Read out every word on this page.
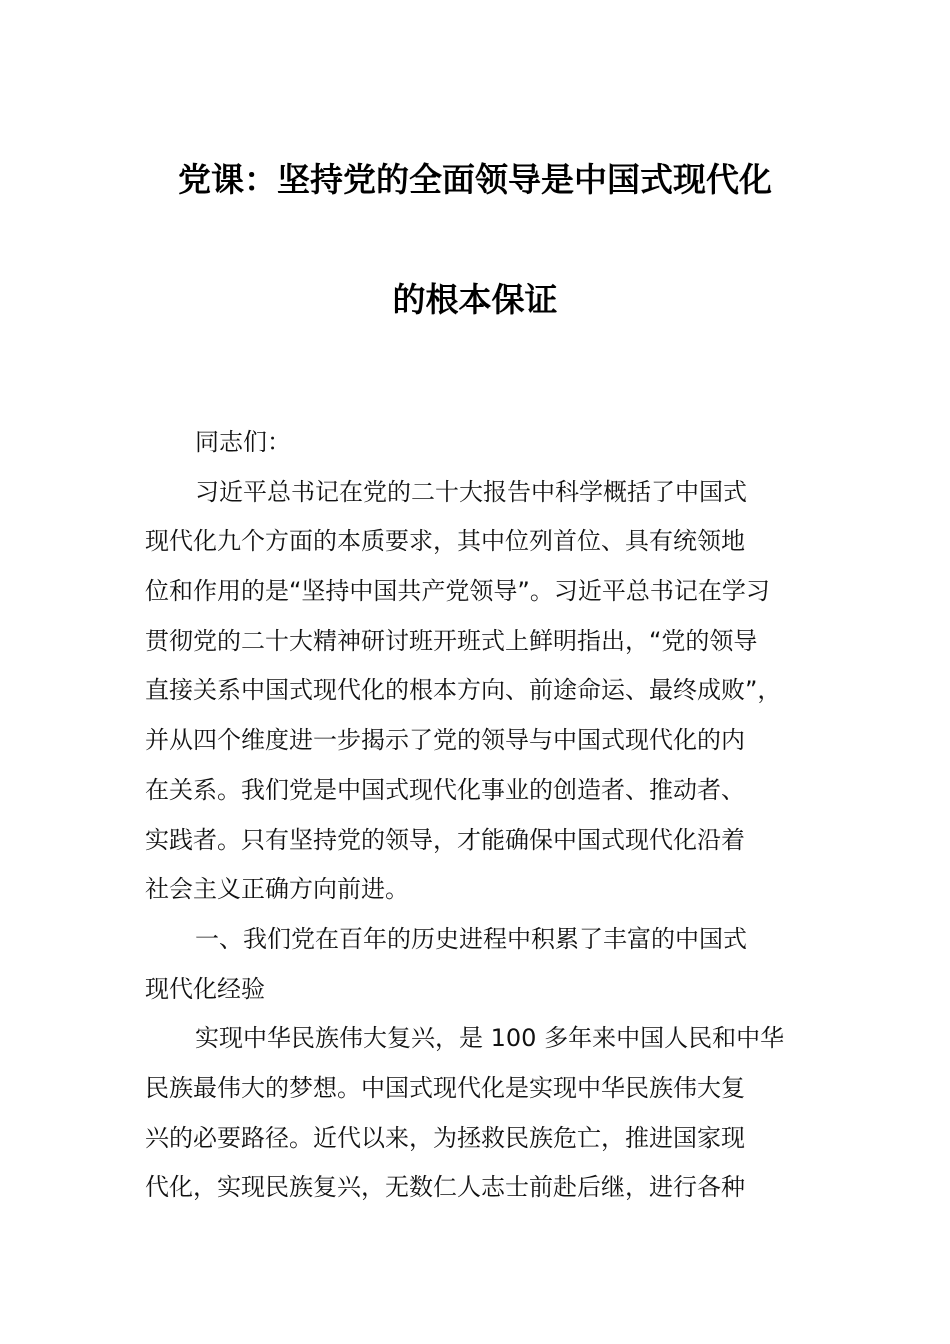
党课：坚持党的全面领导是中国式现代化
的根本保证
同志们：
习近平总书记在党的二十大报告中科学概括了中国式
现代化九个方面的本质要求，其中位列首位、具有统领地
位和作用的是“坚持中国共产党领导”。习近平总书记在学习
贯彻党的二十大精神研讨班开班式上鲜明指出，“党的领导
直接关系中国式现代化的根本方向、前途命运、最终成败”，
并从四个维度进一步揭示了党的领导与中国式现代化的内
在关系。我们党是中国式现代化事业的创造者、推动者、
实践者。只有坚持党的领导，才能确保中国式现代化沿着
社会主义正确方向前进。
一、我们党在百年的历史进程中积累了丰富的中国式
现代化经验
实现中华民族伟大复兴，是 100 多年来中国人民和中华
民族最伟大的梦想。中国式现代化是实现中华民族伟大复
兴的必要路径。近代以来，为拯救民族危亡，推进国家现
代化，实现民族复兴，无数仁人志士前赴后继，进行各种
